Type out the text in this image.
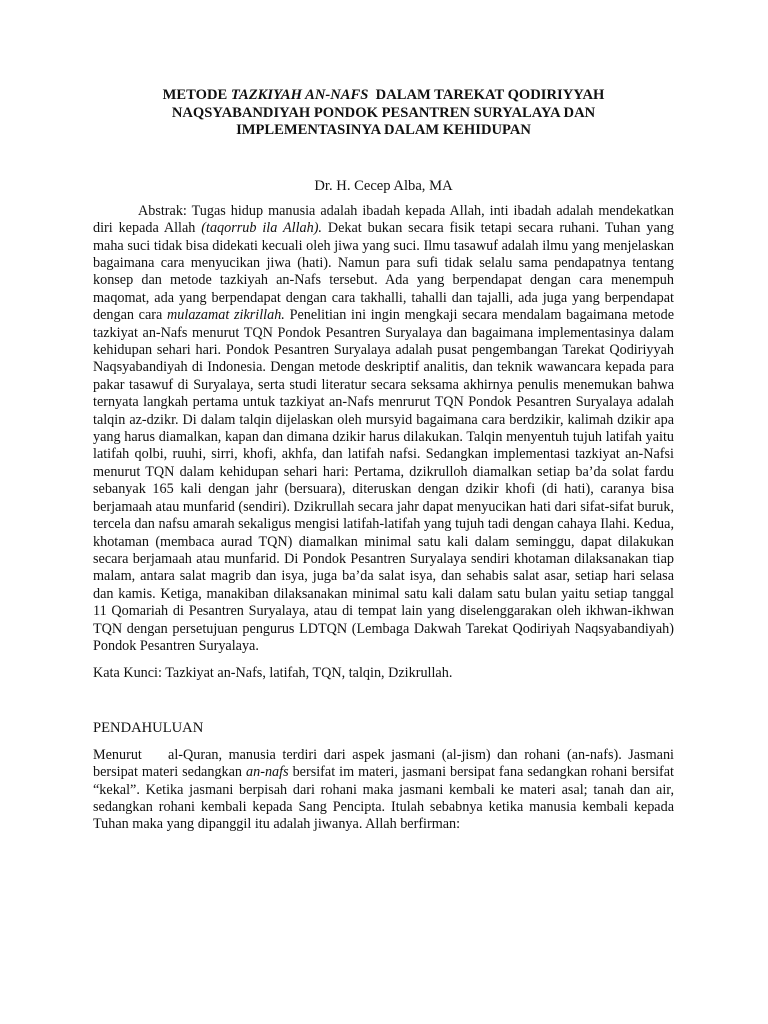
METODE TAZKIYAH AN-NAFS  DALAM TAREKAT QODIRIYYAH
NAQSYABANDIYAH PONDOK PESANTREN SURYALAYA DAN
IMPLEMENTASINYA DALAM KEHIDUPAN
Dr. H. Cecep Alba, MA

Abstrak: Tugas hidup manusia adalah ibadah kepada Allah, inti ibadah adalah mendekatkan diri kepada Allah (taqorrub ila Allah). Dekat bukan secara fisik tetapi secara ruhani. Tuhan yang maha suci tidak bisa didekati kecuali oleh jiwa yang suci. Ilmu tasawuf adalah ilmu yang menjelaskan bagaimana cara menyucikan jiwa (hati). Namun para sufi tidak selalu sama pendapatnya tentang konsep dan metode tazkiyah an-Nafs tersebut. Ada yang berpendapat dengan cara menempuh maqomat, ada yang berpendapat dengan cara takhalli, tahalli dan tajalli, ada juga yang berpendapat dengan cara mulazamat zikrillah. Penelitian ini ingin mengkaji secara mendalam bagaimana metode tazkiyat an-Nafs menurut TQN Pondok Pesantren Suryalaya dan bagaimana implementasinya dalam kehidupan sehari hari. Pondok Pesantren Suryalaya adalah pusat pengembangan Tarekat Qodiriyyah Naqsyabandiyah di Indonesia. Dengan metode deskriptif analitis, dan teknik wawancara kepada para pakar tasawuf di Suryalaya, serta studi literatur secara seksama akhirnya penulis menemukan bahwa ternyata langkah pertama untuk tazkiyat an-Nafs menrurut TQN Pondok Pesantren Suryalaya adalah talqin az-dzikr. Di dalam talqin dijelaskan oleh mursyid bagaimana cara berdzikir, kalimah dzikir apa yang harus diamalkan, kapan dan dimana dzikir harus dilakukan. Talqin menyentuh tujuh latifah yaitu latifah qolbi, ruuhi, sirri, khofi, akhfa, dan latifah nafsi. Sedangkan implementasi tazkiyat an-Nafsi menurut TQN dalam kehidupan sehari hari: Pertama, dzikrulloh diamalkan setiap ba’da solat fardu sebanyak 165 kali dengan jahr (bersuara), diteruskan dengan dzikir khofi (di hati), caranya bisa berjamaah atau munfarid (sendiri). Dzikrullah secara jahr dapat menyucikan hati dari sifat-sifat buruk, tercela dan nafsu amarah sekaligus mengisi latifah-latifah yang tujuh tadi dengan cahaya Ilahi. Kedua, khotaman (membaca aurad TQN) diamalkan minimal satu kali dalam seminggu, dapat dilakukan secara berjamaah atau munfarid. Di Pondok Pesantren Suryalaya sendiri khotaman dilaksanakan tiap malam, antara salat magrib dan isya, juga ba’da salat isya, dan sehabis salat asar, setiap hari selasa dan kamis. Ketiga, manakiban dilaksanakan minimal satu kali dalam satu bulan yaitu setiap tanggal 11 Qomariah di Pesantren Suryalaya, atau di tempat lain yang diselenggarakan oleh ikhwan-ikhwan TQN dengan persetujuan pengurus LDTQN (Lembaga Dakwah Tarekat Qodiriyah Naqsyabandiyah) Pondok Pesantren Suryalaya.

Kata Kunci: Tazkiyat an-Nafs, latifah, TQN, talqin, Dzikrullah.

PENDAHULUAN

Menurut    al-Quran, manusia terdiri dari aspek jasmani (al-jism) dan rohani (an-nafs). Jasmani bersipat materi sedangkan an-nafs bersifat im materi, jasmani bersipat fana sedangkan rohani bersifat “kekal”. Ketika jasmani berpisah dari rohani maka jasmani kembali ke materi asal; tanah dan air, sedangkan rohani kembali kepada Sang Pencipta. Itulah sebabnya ketika manusia kembali kepada Tuhan maka yang dipanggil itu adalah jiwanya. Allah berfirman:
